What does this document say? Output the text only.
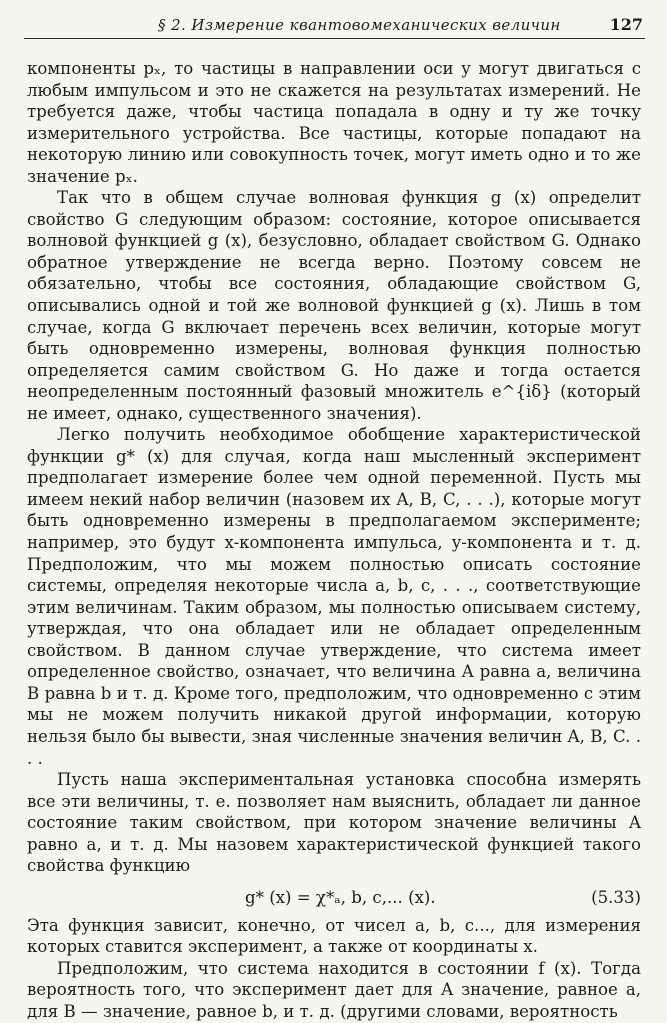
§ 2. Измерение квантовомеханических величин	127

компоненты pₓ, то частицы в направлении оси y могут двигаться с любым импульсом и это не скажется на результатах измерений. Не требуется даже, чтобы частица попадала в одну и ту же точку измерительного устройства. Все частицы, которые попадают на некоторую линию или совокупность точек, могут иметь одно и то же значение pₓ.

Так что в общем случае волновая функция g (x) определит свойство G следующим образом: состояние, которое описывается волновой функцией g (x), безусловно, обладает свойством G. Однако обратное утверждение не всегда верно. Поэтому совсем не обязательно, чтобы все состояния, обладающие свойством G, описывались одной и той же волновой функцией g (x). Лишь в том случае, когда G включает перечень всех величин, которые могут быть одновременно измерены, волновая функция полностью определяется самим свойством G. Но даже и тогда остается неопределенным постоянный фазовый множитель e^{iδ} (который не имеет, однако, существенного значения).

Легко получить необходимое обобщение характеристической функции g* (x) для случая, когда наш мысленный эксперимент предполагает измерение более чем одной переменной. Пусть мы имеем некий набор величин (назовем их A, B, C, . . .), которые могут быть одновременно измерены в предполагаемом эксперименте; например, это будут x-компонента импульса, y-компонента и т. д. Предположим, что мы можем полностью описать состояние системы, определяя некоторые числа a, b, c, . . ., соответствующие этим величинам. Таким образом, мы полностью описываем систему, утверждая, что она обладает или не обладает определенным свойством. В данном случае утверждение, что система имеет определенное свойство, означает, что величина A равна a, величина B равна b и т. д. Кроме того, предположим, что одновременно с этим мы не можем получить никакой другой информации, которую нельзя было бы вывести, зная численные значения величин A, B, C. . . .

Пусть наша экспериментальная установка способна измерять все эти величины, т. е. позволяет нам выяснить, обладает ли данное состояние таким свойством, при котором значение величины A равно a, и т. д. Мы назовем характеристической функцией такого свойства функцию

g* (x) = χ*ₐ, b, c,... (x).	(5.33)

Эта функция зависит, конечно, от чисел a, b, c..., для измерения которых ставится эксперимент, а также от координаты x.

Предположим, что система находится в состоянии f (x). Тогда вероятность того, что эксперимент дает для A значение, равное a, для B — значение, равное b, и т. д. (другими словами, вероятность
